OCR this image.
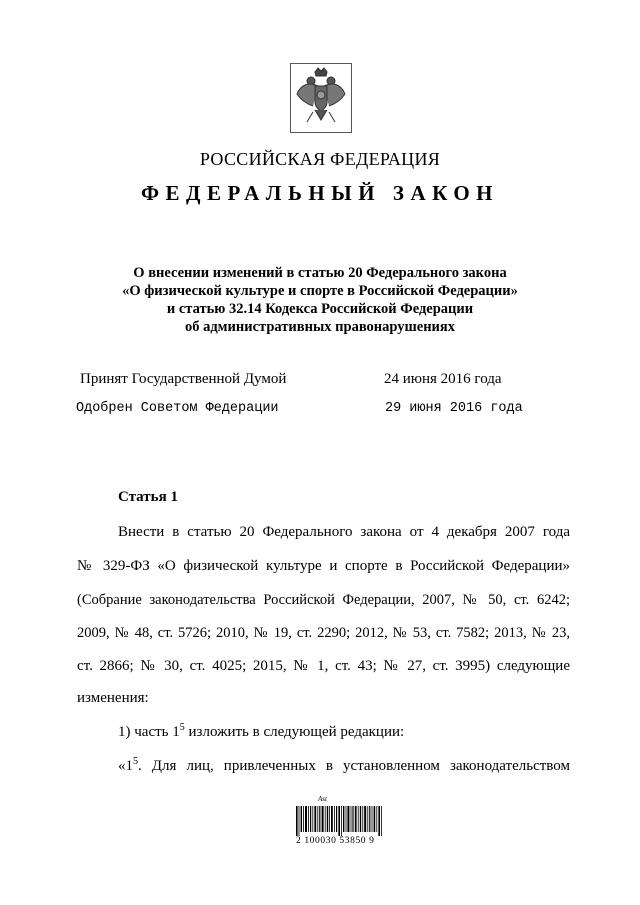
РОССИЙСКАЯ ФЕДЕРАЦИЯ
ФЕДЕРАЛЬНЫЙ ЗАКОН
О внесении изменений в статью 20 Федерального закона
«О физической культуре и спорте в Российской Федерации»
и статью 32.14 Кодекса Российской Федерации
об административных правонарушениях
Принят Государственной Думой	24 июня 2016 года
Одобрен Советом Федерации	29 июня 2016 года
Статья 1
Внести в статью 20 Федерального закона от 4 декабря 2007 года
№ 329-ФЗ «О физической культуре и спорте в Российской Федерации»
(Собрание законодательства Российской Федерации, 2007, № 50, ст. 6242;
2009, № 48, ст. 5726; 2010, № 19, ст. 2290; 2012, № 53, ст. 7582; 2013, № 23,
ст. 2866; № 30, ст. 4025; 2015, № 1, ст. 43; № 27, ст. 3995) следующие
изменения:
1) часть $1^5$ изложить в следующей редакции:
«$1^5$. Для лиц, привлеченных в установленном законодательством
Ast
2 100030 53850 9
